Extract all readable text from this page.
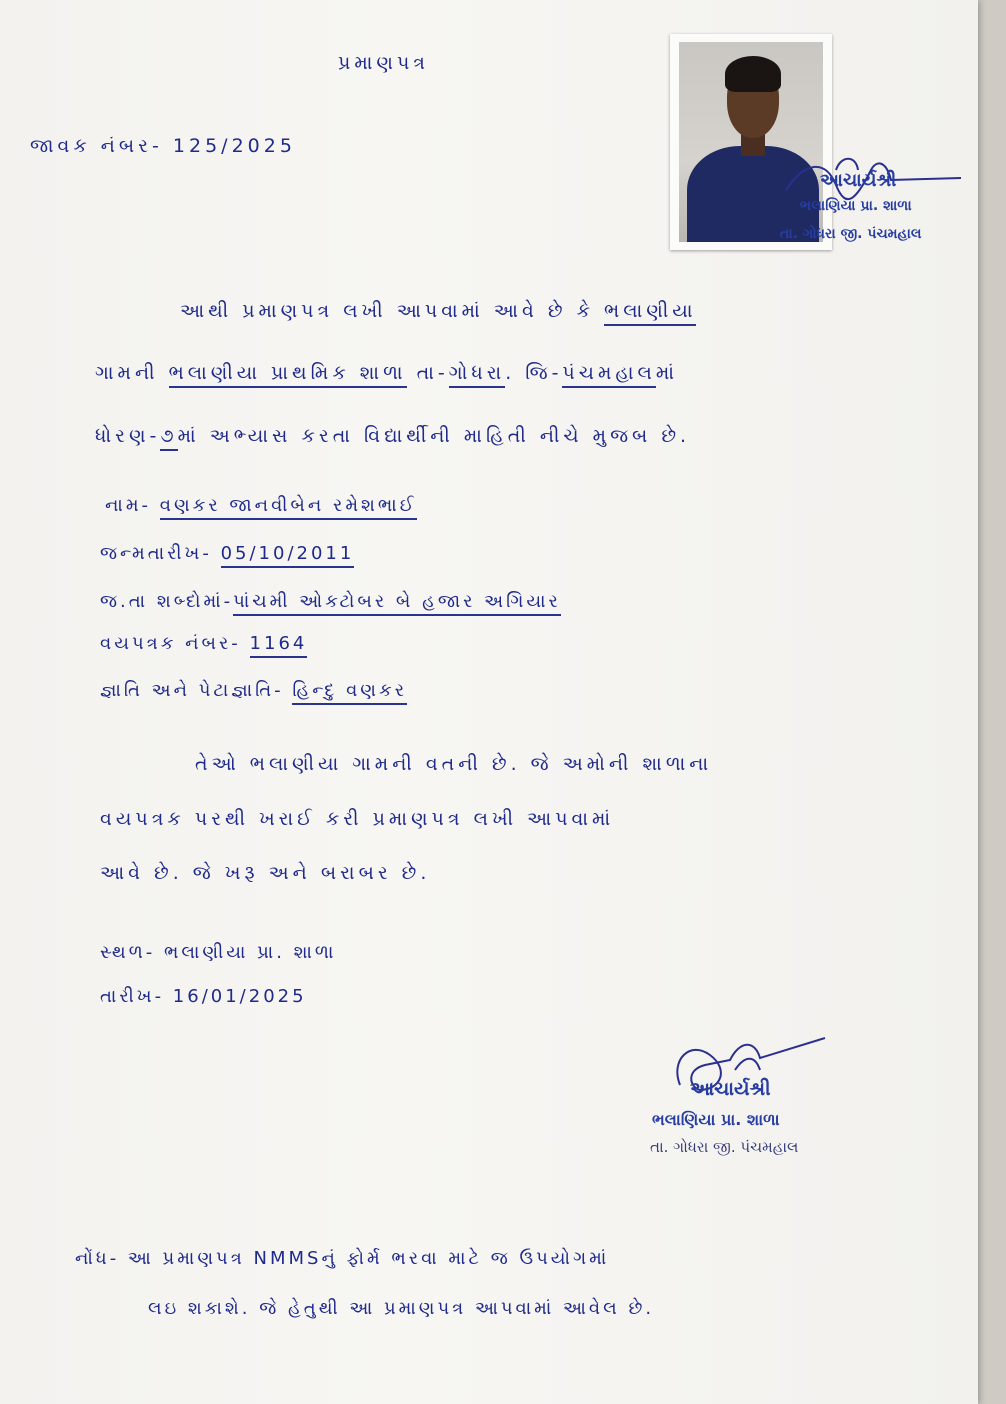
પ્રમાણપત્ર
જાવક નંબર- 125/2025
આચાર્યશ્રી
ભલાણિયા પ્રા. શાળા
તા. ગોધરા જી. પંચમહાલ
આથી પ્રમાણપત્ર લખી આપવામાં આવે છે કે ભલાણીયા
ગામની ભલાણીયા પ્રાથમિક શાળા તા-ગોધરા. જિ-પંચમહાલમાં
ધોરણ-૭માં અભ્યાસ કરતા વિદ્યાર્થીની માહિતી નીચે મુજબ છે.
નામ- વણકર જાનવીબેન રમેશભાઈ
જન્મતારીખ- 05/10/2011
જ.તા શબ્દોમાં-પાંચમી ઓક્ટોબર બે હજાર અગિયાર
વયપત્રક નંબર- 1164
જ્ઞાતિ અને પેટાજ્ઞાતિ- હિન્દુ વણકર
તેઓ ભલાણીયા ગામની વતની છે. જે અમોની શાળાના
વયપત્રક પરથી ખરાઈ કરી પ્રમાણપત્ર લખી આપવામાં
આવે છે. જે ખરૂ અને બરાબર છે.
સ્થળ- ભલાણીયા પ્રા. શાળા
તારીખ- 16/01/2025
આચાર્યશ્રી
ભલાણિયા પ્રા. શાળા
તા. ગોધરા જી. પંચમહાલ
નોંધ- આ પ્રમાણપત્ર NMMSનું ફોર્મ ભરવા માટે જ ઉપયોગમાં
લઇ શકાશે. જે હેતુથી આ પ્રમાણપત્ર આપવામાં આવેલ છે.
